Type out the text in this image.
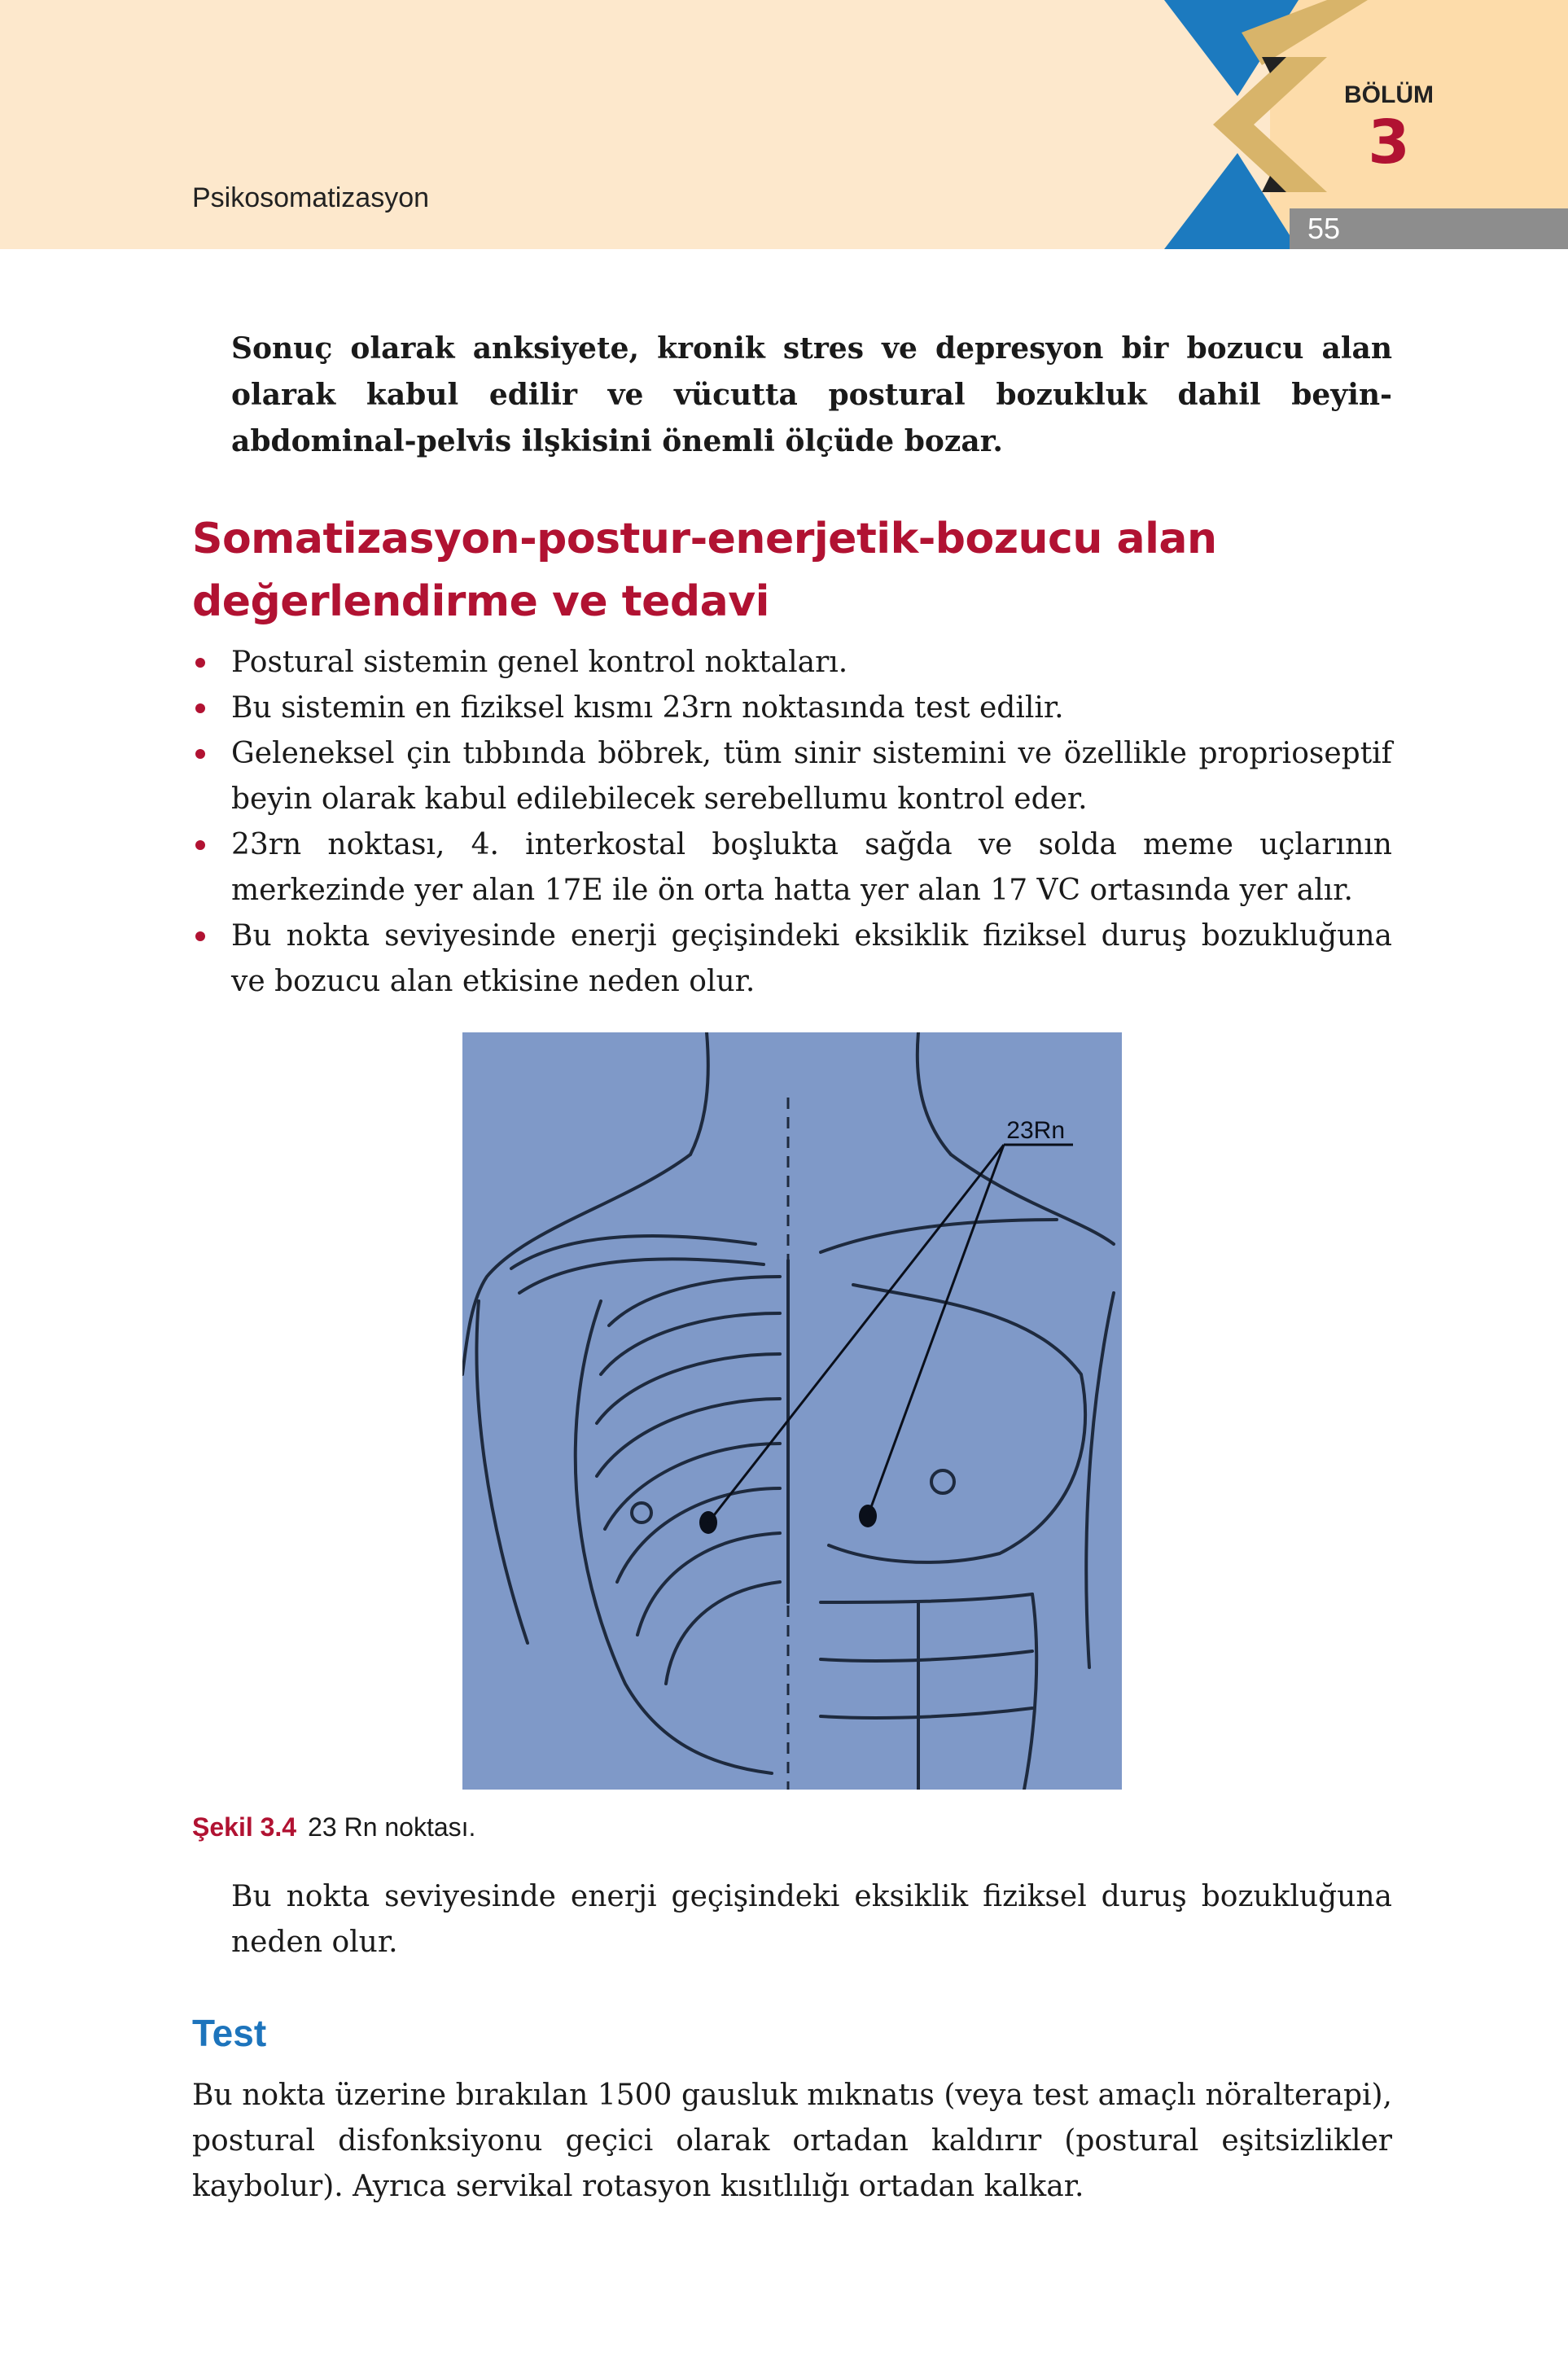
Psikosomatizasyon
BÖLÜM
3
55

Sonuç olarak anksiyete, kronik stres ve depresyon bir bozucu alan olarak kabul edilir ve vücutta postural bozukluk dahil beyin-abdominal-pelvis ilşkisini önemli ölçüde bozar.

Somatizasyon-postur-enerjetik-bozucu alan
değerlendirme ve tedavi
Postural sistemin genel kontrol noktaları.
Bu sistemin en fiziksel kısmı 23rn noktasında test edilir.
Geleneksel çin tıbbında böbrek, tüm sinir sistemini ve özellikle proprioseptif beyin olarak kabul edilebilecek serebellumu kontrol eder.
23rn noktası, 4. interkostal boşlukta sağda ve solda meme uçlarının merkezinde yer alan 17E ile ön orta hatta yer alan 17 VC ortasında yer alır.
Bu nokta seviyesinde enerji geçişindeki eksiklik fiziksel duruş bozukluğuna ve bozucu alan etkisine neden olur.
23Rn
Şekil 3.4 23 Rn noktası.

Bu nokta seviyesinde enerji geçişindeki eksiklik fiziksel duruş bozukluğuna neden olur.

Test

Bu nokta üzerine bırakılan 1500 gausluk mıknatıs (veya test amaçlı nöralterapi), postural disfonksiyonu geçici olarak ortadan kaldırır (postural eşitsizlikler kaybolur). Ayrıca servikal rotasyon kısıtlılığı ortadan kalkar.
